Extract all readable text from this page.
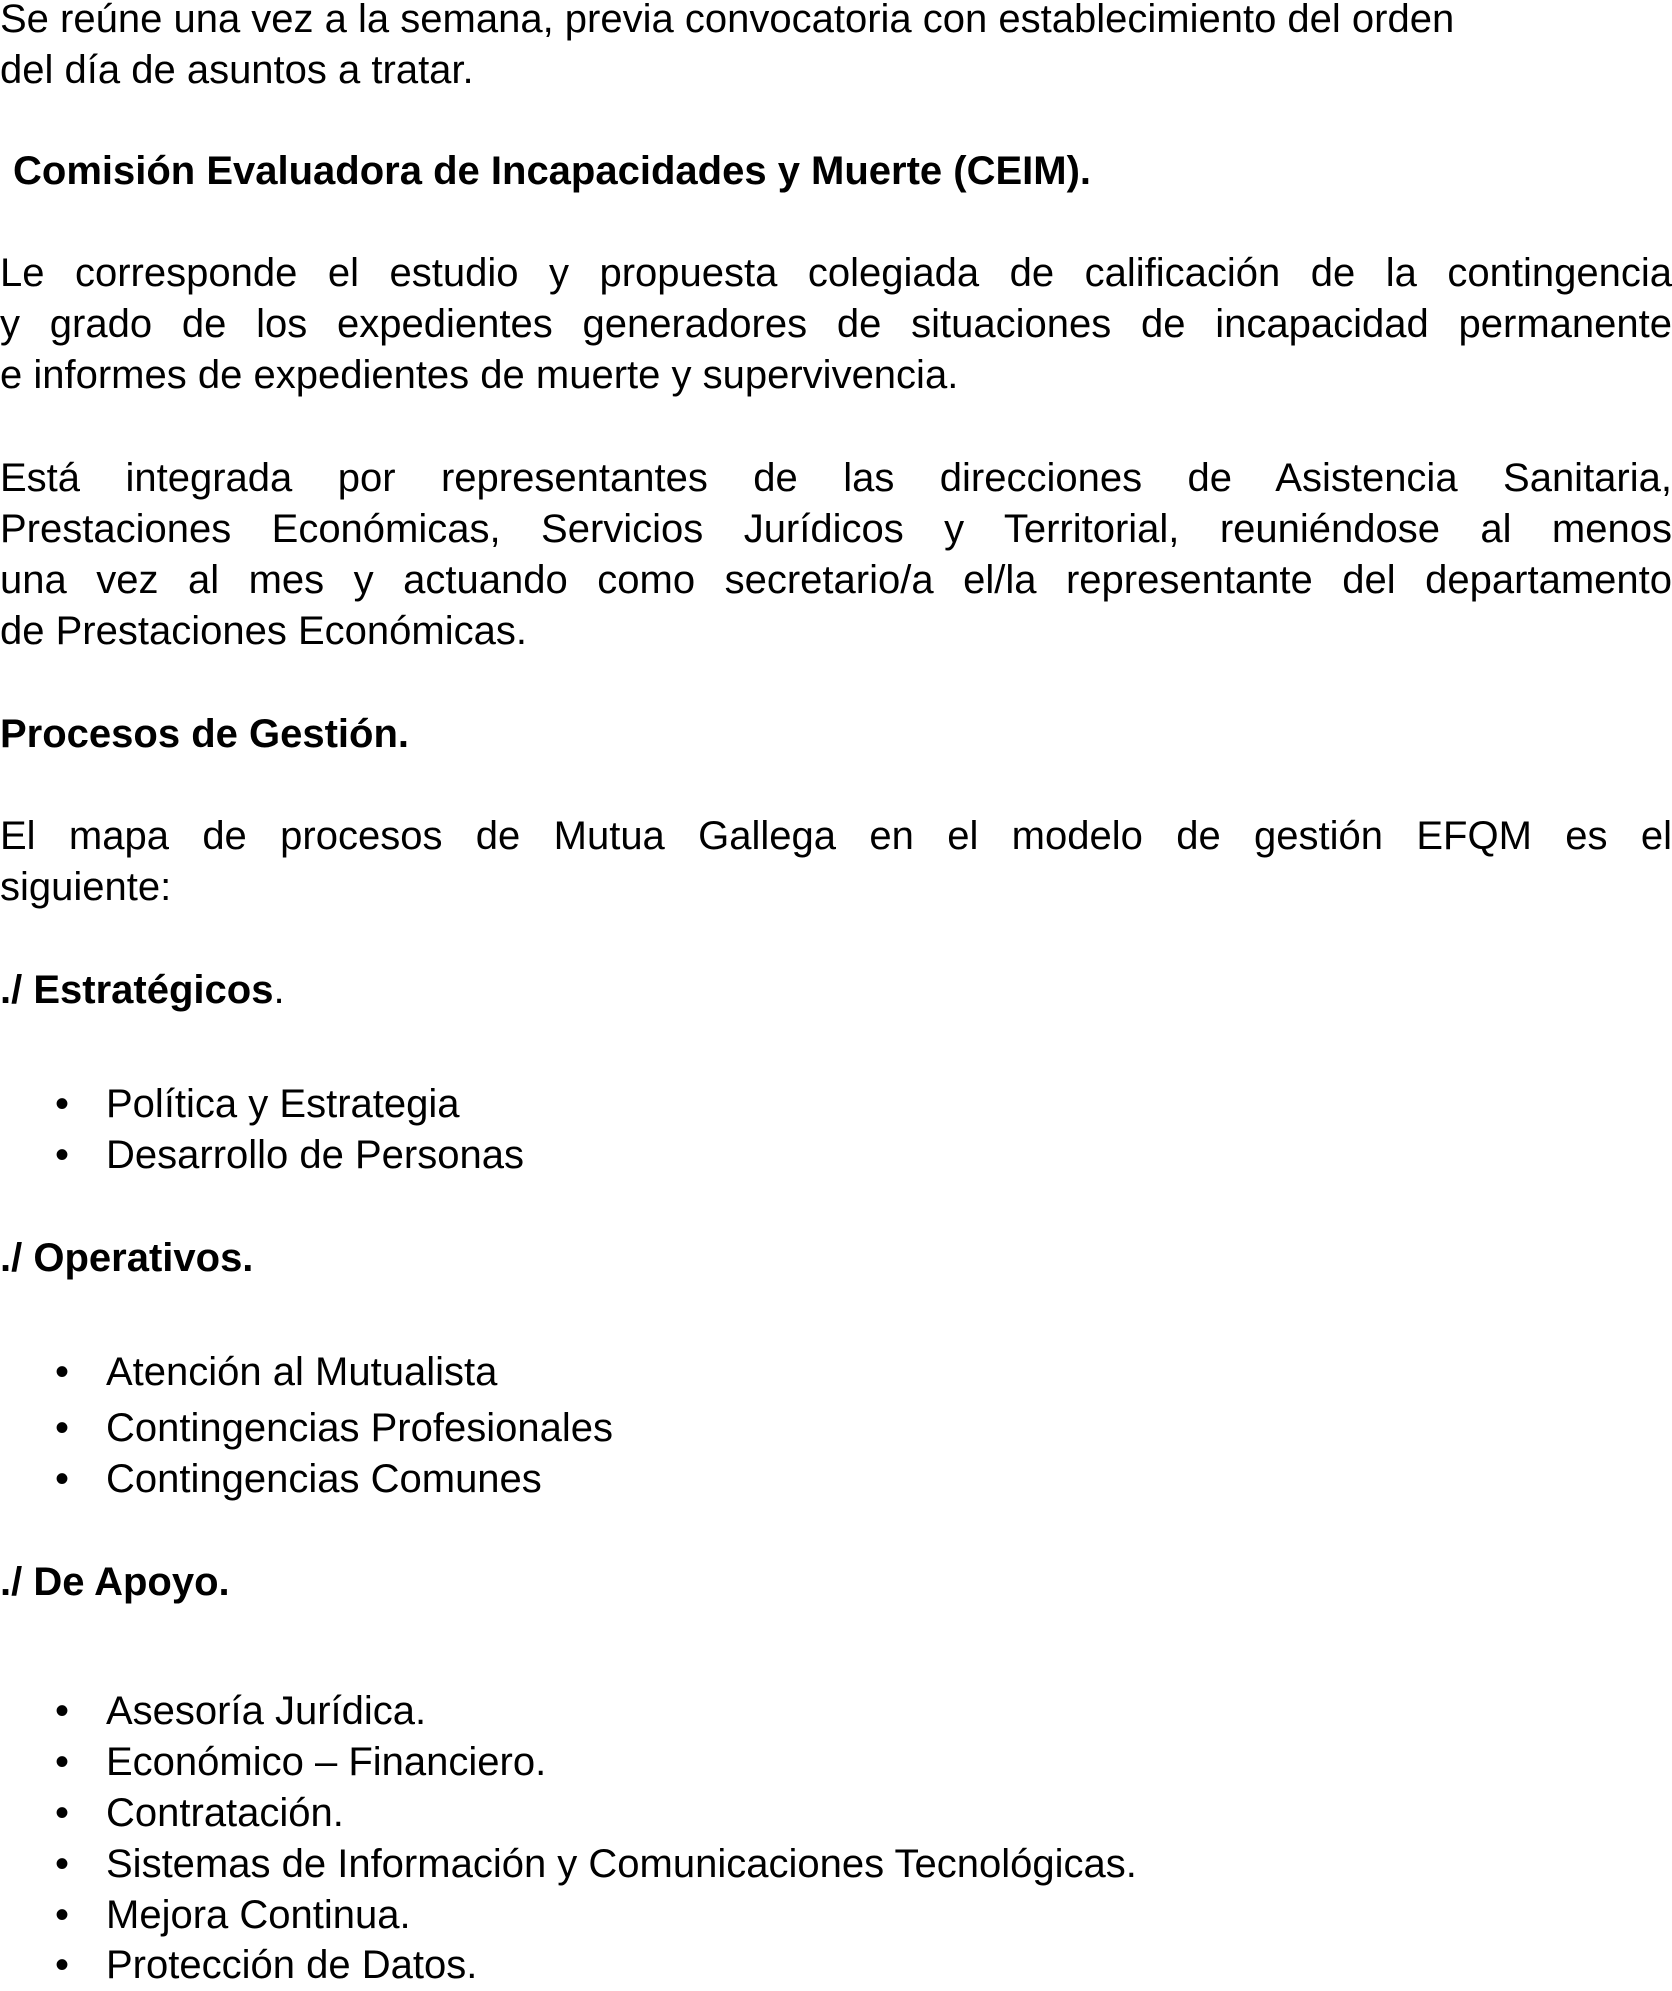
Se reúne una vez a la semana, previa convocatoria con establecimiento del orden

del día de asuntos a tratar.

Comisión Evaluadora de Incapacidades y Muerte (CEIM).

Le corresponde el estudio y propuesta colegiada de calificación de la contingencia

y grado de los expedientes generadores de situaciones de incapacidad permanente

e informes de expedientes de muerte y supervivencia.

Está integrada por representantes de las direcciones de Asistencia Sanitaria,

Prestaciones Económicas, Servicios Jurídicos y Territorial, reuniéndose al menos

una vez al mes y actuando como secretario/a el/la representante del departamento

de Prestaciones Económicas.

Procesos de Gestión.

El mapa de procesos de Mutua Gallega en el modelo de gestión EFQM es el

siguiente:

./ Estratégicos.

• Política y Estrategia
• Desarrollo de Personas

./ Operativos.

• Atención al Mutualista
• Contingencias Profesionales
• Contingencias Comunes

./ De Apoyo.

• Asesoría Jurídica.
• Económico – Financiero.
• Contratación.
• Sistemas de Información y Comunicaciones Tecnológicas.
• Mejora Continua.
• Protección de Datos.
